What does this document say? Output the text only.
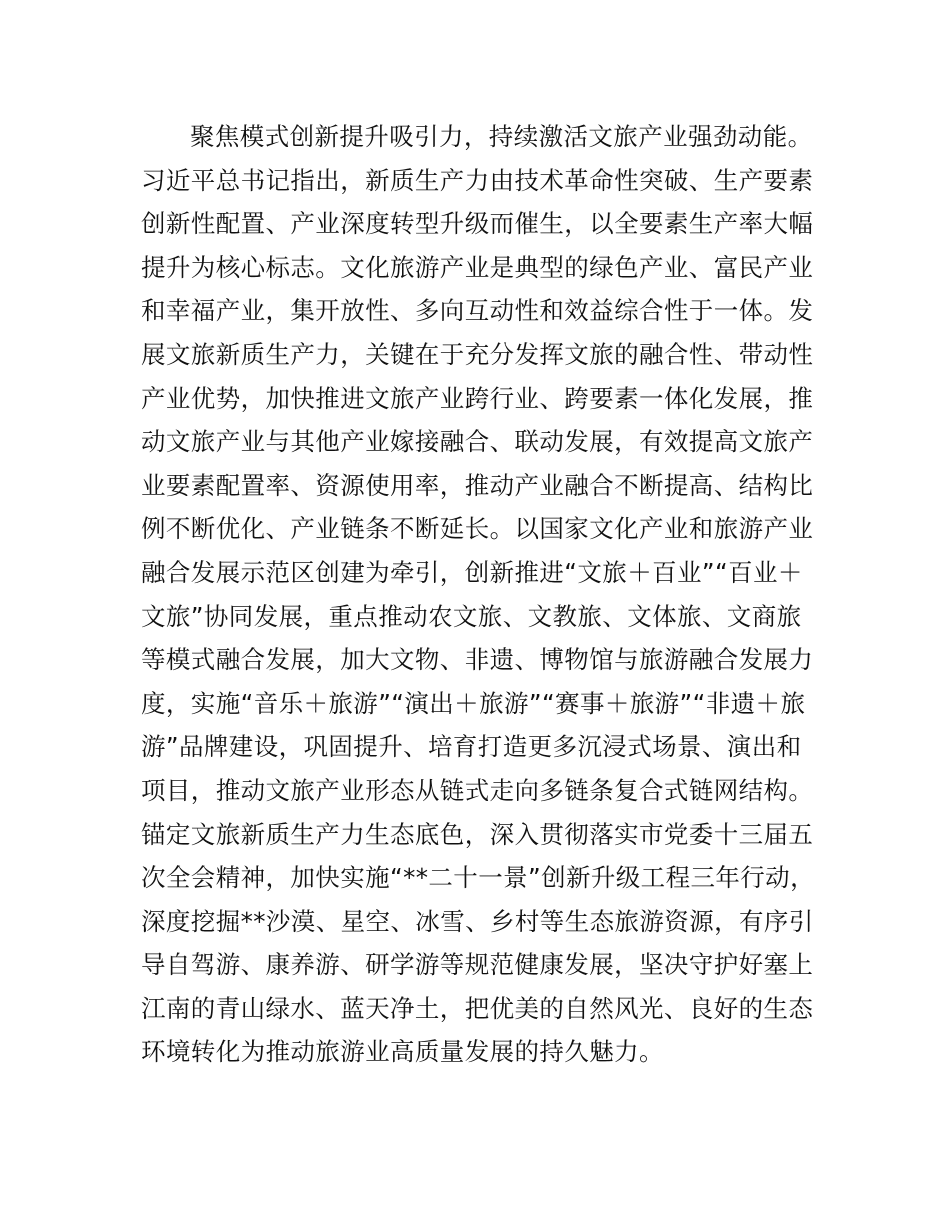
聚焦模式创新提升吸引力，持续激活文旅产业强劲动能。
习近平总书记指出，新质生产力由技术革命性突破、生产要素
创新性配置、产业深度转型升级而催生，以全要素生产率大幅
提升为核心标志。文化旅游产业是典型的绿色产业、富民产业
和幸福产业，集开放性、多向互动性和效益综合性于一体。发
展文旅新质生产力，关键在于充分发挥文旅的融合性、带动性
产业优势，加快推进文旅产业跨行业、跨要素一体化发展，推
动文旅产业与其他产业嫁接融合、联动发展，有效提高文旅产
业要素配置率、资源使用率，推动产业融合不断提高、结构比
例不断优化、产业链条不断延长。以国家文化产业和旅游产业
融合发展示范区创建为牵引，创新推进“文旅＋百业”“百业＋
文旅”协同发展，重点推动农文旅、文教旅、文体旅、文商旅
等模式融合发展，加大文物、非遗、博物馆与旅游融合发展力
度，实施“音乐＋旅游”“演出＋旅游”“赛事＋旅游”“非遗＋旅
游”品牌建设，巩固提升、培育打造更多沉浸式场景、演出和
项目，推动文旅产业形态从链式走向多链条复合式链网结构。
锚定文旅新质生产力生态底色，深入贯彻落实市党委十三届五
次全会精神，加快实施“**二十一景”创新升级工程三年行动，
深度挖掘**沙漠、星空、冰雪、乡村等生态旅游资源，有序引
导自驾游、康养游、研学游等规范健康发展，坚决守护好塞上
江南的青山绿水、蓝天净土，把优美的自然风光、良好的生态
环境转化为推动旅游业高质量发展的持久魅力。
